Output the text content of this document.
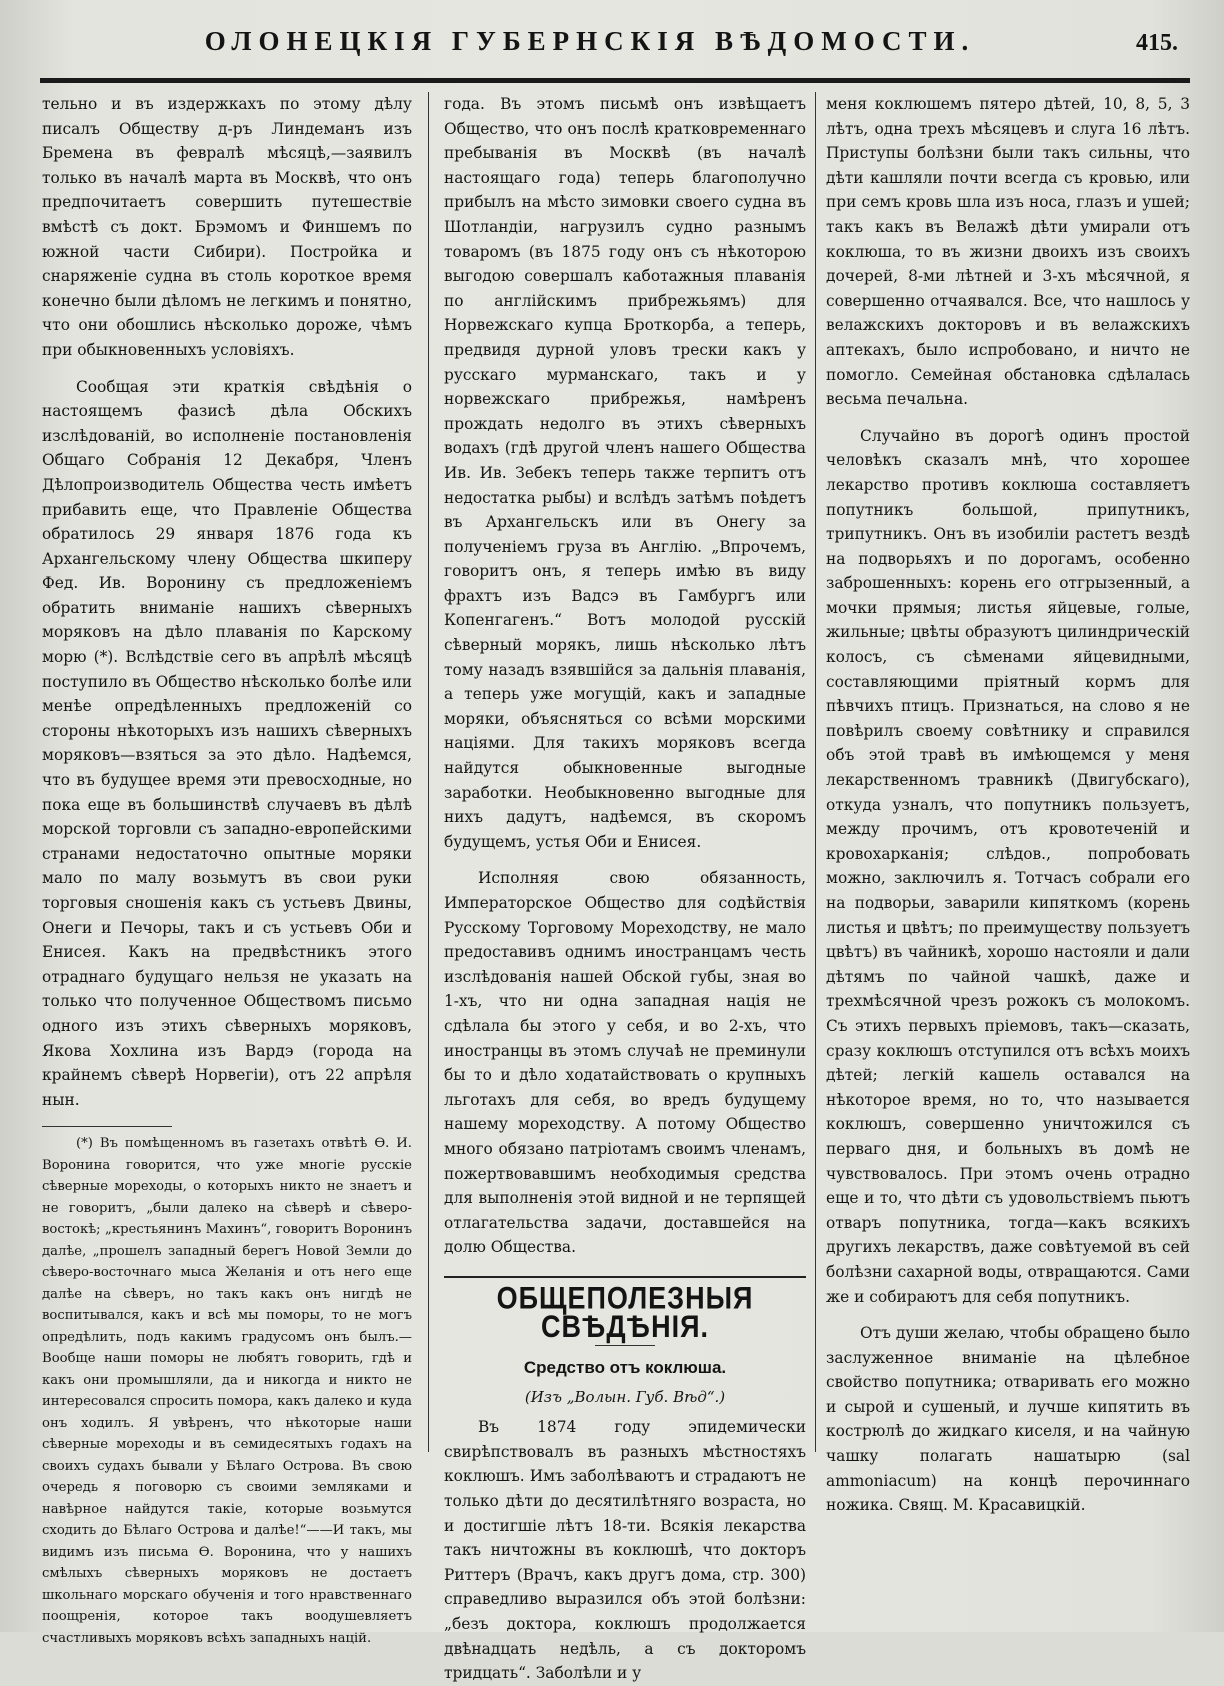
ОЛОНЕЦКІЯ ГУБЕРНСКІЯ ВѢДОМОСТИ.	415.

тельно и въ издержкахъ по этому дѣлу писалъ Обществу д-ръ Линдеманъ изъ Бремена въ февралѣ мѣсяцѣ,—заявилъ только въ началѣ марта въ Москвѣ, что онъ предпочитаетъ совершить путешествіе вмѣстѣ съ докт. Брэмомъ и Финшемъ по южной части Сибири). Постройка и снаряженіе судна въ столь короткое время конечно были дѣломъ не легкимъ и понятно, что они обошлись нѣсколько дороже, чѣмъ при обыкновенныхъ условіяхъ.

Сообщая эти краткія свѣдѣнія о настоящемъ фазисѣ дѣла Обскихъ изслѣдованій, во исполненіе постановленія Общаго Собранія 12 Декабря, Членъ Дѣлопроизводитель Общества честь имѣетъ прибавить еще, что Правленіе Общества обратилось 29 января 1876 года къ Архангельскому члену Общества шкиперу Фед. Ив. Воронину съ предложеніемъ обратить вниманіе нашихъ сѣверныхъ моряковъ на дѣло плаванія по Карскому морю (*). Вслѣдствіе сего въ апрѣлѣ мѣсяцѣ поступило въ Общество нѣсколько болѣе или менѣе опредѣленныхъ предложеній со стороны нѣкоторыхъ изъ нашихъ сѣверныхъ моряковъ—взяться за это дѣло. Надѣемся, что въ будущее время эти превосходные, но пока еще въ большинствѣ случаевъ въ дѣлѣ морской торговли съ западно-европейскими странами недостаточно опытные моряки мало по малу возьмутъ въ свои руки торговыя сношенія какъ съ устьевъ Двины, Онеги и Печоры, такъ и съ устьевъ Оби и Енисея. Какъ на предвѣстникъ этого отраднаго будущаго нельзя не указать на только что полученное Обществомъ письмо одного изъ этихъ сѣверныхъ моряковъ, Якова Хохлина изъ Вардэ (города на крайнемъ сѣверѣ Норвегіи), отъ 22 апрѣля нын.

(*) Въ помѣщенномъ въ газетахъ отвѣтѣ Ѳ. И. Воронина говорится, что уже многіе русскіе сѣверные мореходы, о которыхъ никто не знаетъ и не говоритъ, „были далеко на сѣверѣ и сѣверо-востокѣ; „крестьянинъ Махинъ“, говоритъ Воронинъ далѣе, „прошелъ западный берегъ Новой Земли до сѣверо-восточнаго мыса Желанія и отъ него еще далѣе на сѣверъ, но такъ какъ онъ нигдѣ не воспитывался, какъ и всѣ мы поморы, то не могъ опредѣлить, подъ какимъ градусомъ онъ былъ.—Вообще наши поморы не любятъ говорить, гдѣ и какъ они промышляли, да и никогда и никто не интересовался спросить помора, какъ далеко и куда онъ ходилъ. Я увѣренъ, что нѣкоторые наши сѣверные мореходы и въ семидесятыхъ годахъ на своихъ судахъ бывали у Бѣлаго Острова. Въ свою очередь я поговорю съ своими земляками и навѣрное найдутся такіе, которые возьмутся сходить до Бѣлаго Острова и далѣе!“——И такъ, мы видимъ изъ письма Ѳ. Воронина, что у нашихъ смѣлыхъ сѣверныхъ моряковъ не достаетъ школьнаго морскаго обученія и того нравственнаго поощренія, которое такъ воодушевляетъ счастливыхъ моряковъ всѣхъ западныхъ націй.

года. Въ этомъ письмѣ онъ извѣщаетъ Общество, что онъ послѣ кратковременнаго пребыванія въ Москвѣ (въ началѣ настоящаго года) теперь благополучно прибылъ на мѣсто зимовки своего судна въ Шотландіи, нагрузилъ судно разнымъ товаромъ (въ 1875 году онъ съ нѣкоторою выгодою совершалъ каботажныя плаванія по англійскимъ прибрежьямъ) для Норвежскаго купца Броткорба, а теперь, предвидя дурной уловъ трески какъ у русскаго мурманскаго, такъ и у норвежскаго прибрежья, намѣренъ прождать недолго въ этихъ сѣверныхъ водахъ (гдѣ другой членъ нашего Общества Ив. Ив. Зебекъ теперь также терпитъ отъ недостатка рыбы) и вслѣдъ затѣмъ поѣдетъ въ Архангельскъ или въ Онегу за полученіемъ груза въ Англію. „Впрочемъ, говоритъ онъ, я теперь имѣю въ виду фрахтъ изъ Вадсэ въ Гамбургъ или Копенгагенъ.“ Вотъ молодой русскій сѣверный морякъ, лишь нѣсколько лѣтъ тому назадъ взявшійся за дальнія плаванія, а теперь уже могущій, какъ и западные моряки, объясняться со всѣми морскими націями. Для такихъ моряковъ всегда найдутся обыкновенные выгодные заработки. Необыкновенно выгодные для нихъ дадутъ, надѣемся, въ скоромъ будущемъ, устья Оби и Енисея.

Исполняя свою обязанность, Императорское Общество для содѣйствія Русскому Торговому Мореходству, не мало предоставивъ однимъ иностранцамъ честь изслѣдованія нашей Обской губы, зная во 1-хъ, что ни одна западная нація не сдѣлала бы этого у себя, и во 2-хъ, что иностранцы въ этомъ случаѣ не преминули бы то и дѣло ходатайствовать о крупныхъ льготахъ для себя, во вредъ будущему нашему мореходству. А потому Общество много обязано патріотамъ своимъ членамъ, пожертвовавшимъ необходимыя средства для выполненія этой видной и не терпящей отлагательства задачи, доставшейся на долю Общества.

ОБЩЕПОЛЕЗНЫЯ СВѢДѢНІЯ.
Средство отъ коклюша.
(Изъ „Волын. Губ. Вѣд“.)

Въ 1874 году эпидемически свирѣпствовалъ въ разныхъ мѣстностяхъ коклюшъ. Имъ заболѣваютъ и страдаютъ не только дѣти до десятилѣтняго возраста, но и достигшіе лѣтъ 18-ти. Всякія лекарства такъ ничтожны въ коклюшѣ, что докторъ Риттеръ (Врачъ, какъ другъ дома, стр. 300) справедливо выразился объ этой болѣзни: „безъ доктора, коклюшъ продолжается двѣнадцать недѣль, а съ докторомъ тридцать“. Заболѣли и у

меня коклюшемъ пятеро дѣтей, 10, 8, 5, 3 лѣтъ, одна трехъ мѣсяцевъ и слуга 16 лѣтъ. Приступы болѣзни были такъ сильны, что дѣти кашляли почти всегда съ кровью, или при семъ кровь шла изъ носа, глазъ и ушей; такъ какъ въ Велажѣ дѣти умирали отъ коклюша, то въ жизни двоихъ изъ своихъ дочерей, 8-ми лѣтней и 3-хъ мѣсячной, я совершенно отчаявался. Все, что нашлось у велажскихъ докторовъ и въ велажскихъ аптекахъ, было испробовано, и ничто не помогло. Семейная обстановка сдѣлалась весьма печальна.

Случайно въ дорогѣ одинъ простой человѣкъ сказалъ мнѣ, что хорошее лекарство противъ коклюша составляетъ попутникъ большой, припутникъ, трипутникъ. Онъ въ изобиліи растетъ вездѣ на подворьяхъ и по дорогамъ, особенно заброшенныхъ: корень его отгрызенный, а мочки прямыя; листья яйцевые, голые, жильные; цвѣты образуютъ цилиндрическій колосъ, съ сѣменами яйцевидными, составляющими пріятный кормъ для пѣвчихъ птицъ. Признаться, на слово я не повѣрилъ своему совѣтнику и справился объ этой травѣ въ имѣющемся у меня лекарственномъ травникѣ (Двигубскаго), откуда узналъ, что попутникъ пользуетъ, между прочимъ, отъ кровотеченій и кровохарканія; слѣдов., попробовать можно, заключилъ я. Тотчасъ собрали его на подворьи, заварили кипяткомъ (корень листья и цвѣтъ; по преимуществу пользуетъ цвѣтъ) въ чайникѣ, хорошо настояли и дали дѣтямъ по чайной чашкѣ, даже и трехмѣсячной чрезъ рожокъ съ молокомъ. Съ этихъ первыхъ пріемовъ, такъ—сказать, сразу коклюшъ отступился отъ всѣхъ моихъ дѣтей; легкій кашель оставался на нѣкоторое время, но то, что называется коклюшъ, совершенно уничтожился съ перваго дня, и больныхъ въ домѣ не чувствовалось. При этомъ очень отрадно еще и то, что дѣти съ удовольствіемъ пьютъ отваръ попутника, тогда—какъ всякихъ другихъ лекарствъ, даже совѣтуемой въ сей болѣзни сахарной воды, отвращаются. Сами же и собираютъ для себя попутникъ.

Отъ души желаю, чтобы обращено было заслуженное вниманіе на цѣлебное свойство попутника; отваривать его можно и сырой и сушеный, и лучше кипятить въ кострюлѣ до жидкаго киселя, и на чайную чашку полагать нашатырю (sal ammoniacum) на концѣ перочиннаго ножика. Свящ. М. Красавицкій.
